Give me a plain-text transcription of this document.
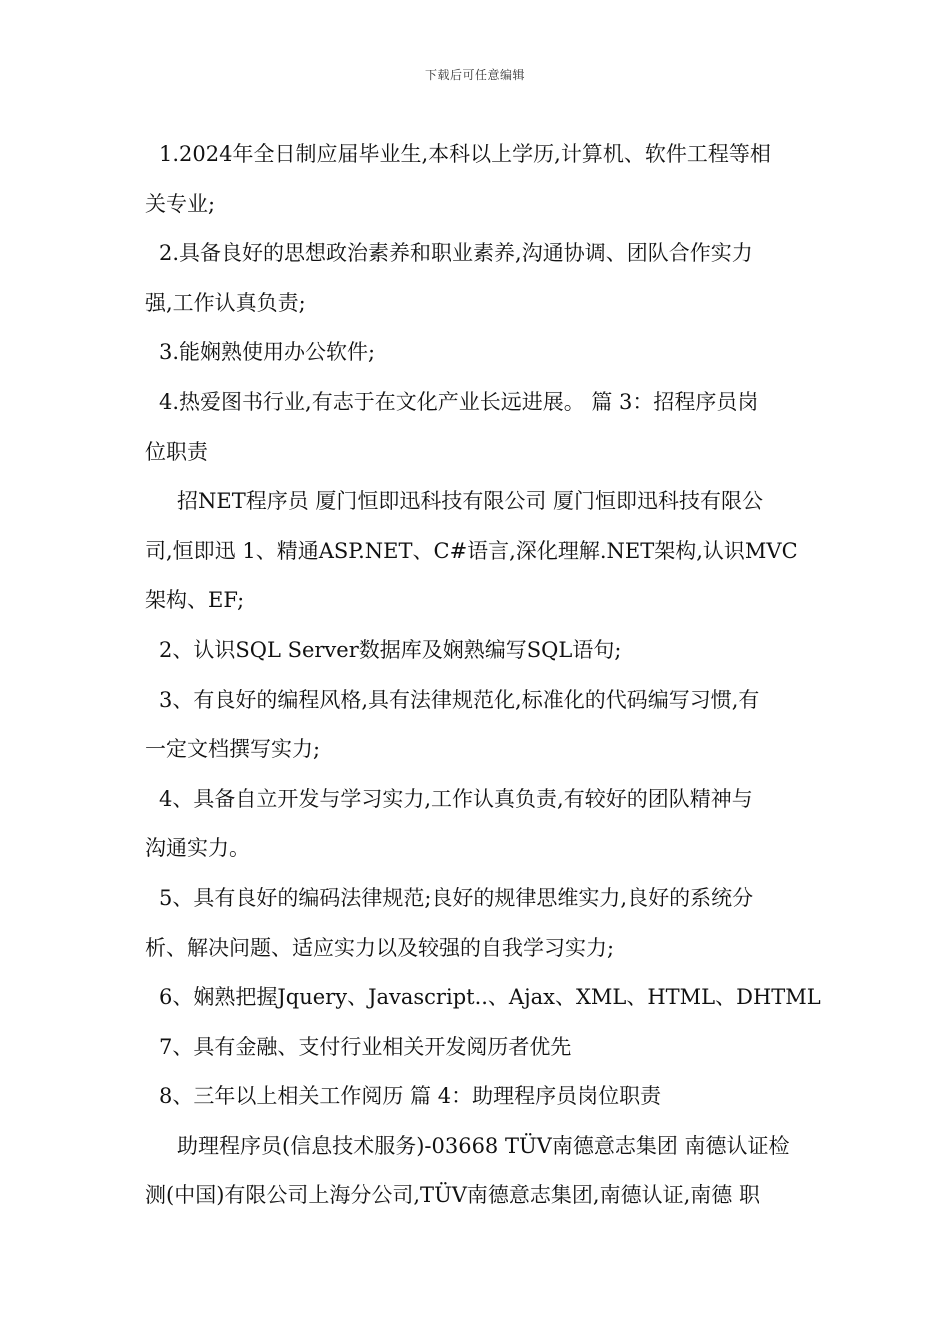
下载后可任意编辑
1.2024年全日制应届毕业生,本科以上学历,计算机、软件工程等相
关专业;
2.具备良好的思想政治素养和职业素养,沟通协调、团队合作实力
强,工作认真负责;
3.能娴熟使用办公软件;
4.热爱图书行业,有志于在文化产业长远进展。 篇 3：招程序员岗
位职责
招NET程序员 厦门恒即迅科技有限公司 厦门恒即迅科技有限公
司,恒即迅 1、精通ASP.NET、C#语言,深化理解.NET架构,认识MVC
架构、EF;
2、认识SQL Server数据库及娴熟编写SQL语句;
3、有良好的编程风格,具有法律规范化,标准化的代码编写习惯,有
一定文档撰写实力;
4、具备自立开发与学习实力,工作认真负责,有较好的团队精神与
沟通实力。
5、具有良好的编码法律规范;良好的规律思维实力,良好的系统分
析、解决问题、适应实力以及较强的自我学习实力;
6、娴熟把握Jquery、Javascript..、Ajax、XML、HTML、DHTML
7、具有金融、支付行业相关开发阅历者优先
8、三年以上相关工作阅历 篇 4：助理程序员岗位职责
助理程序员(信息技术服务)-03668 TÜV南德意志集团 南德认证检
测(中国)有限公司上海分公司,TÜV南德意志集团,南德认证,南德 职
